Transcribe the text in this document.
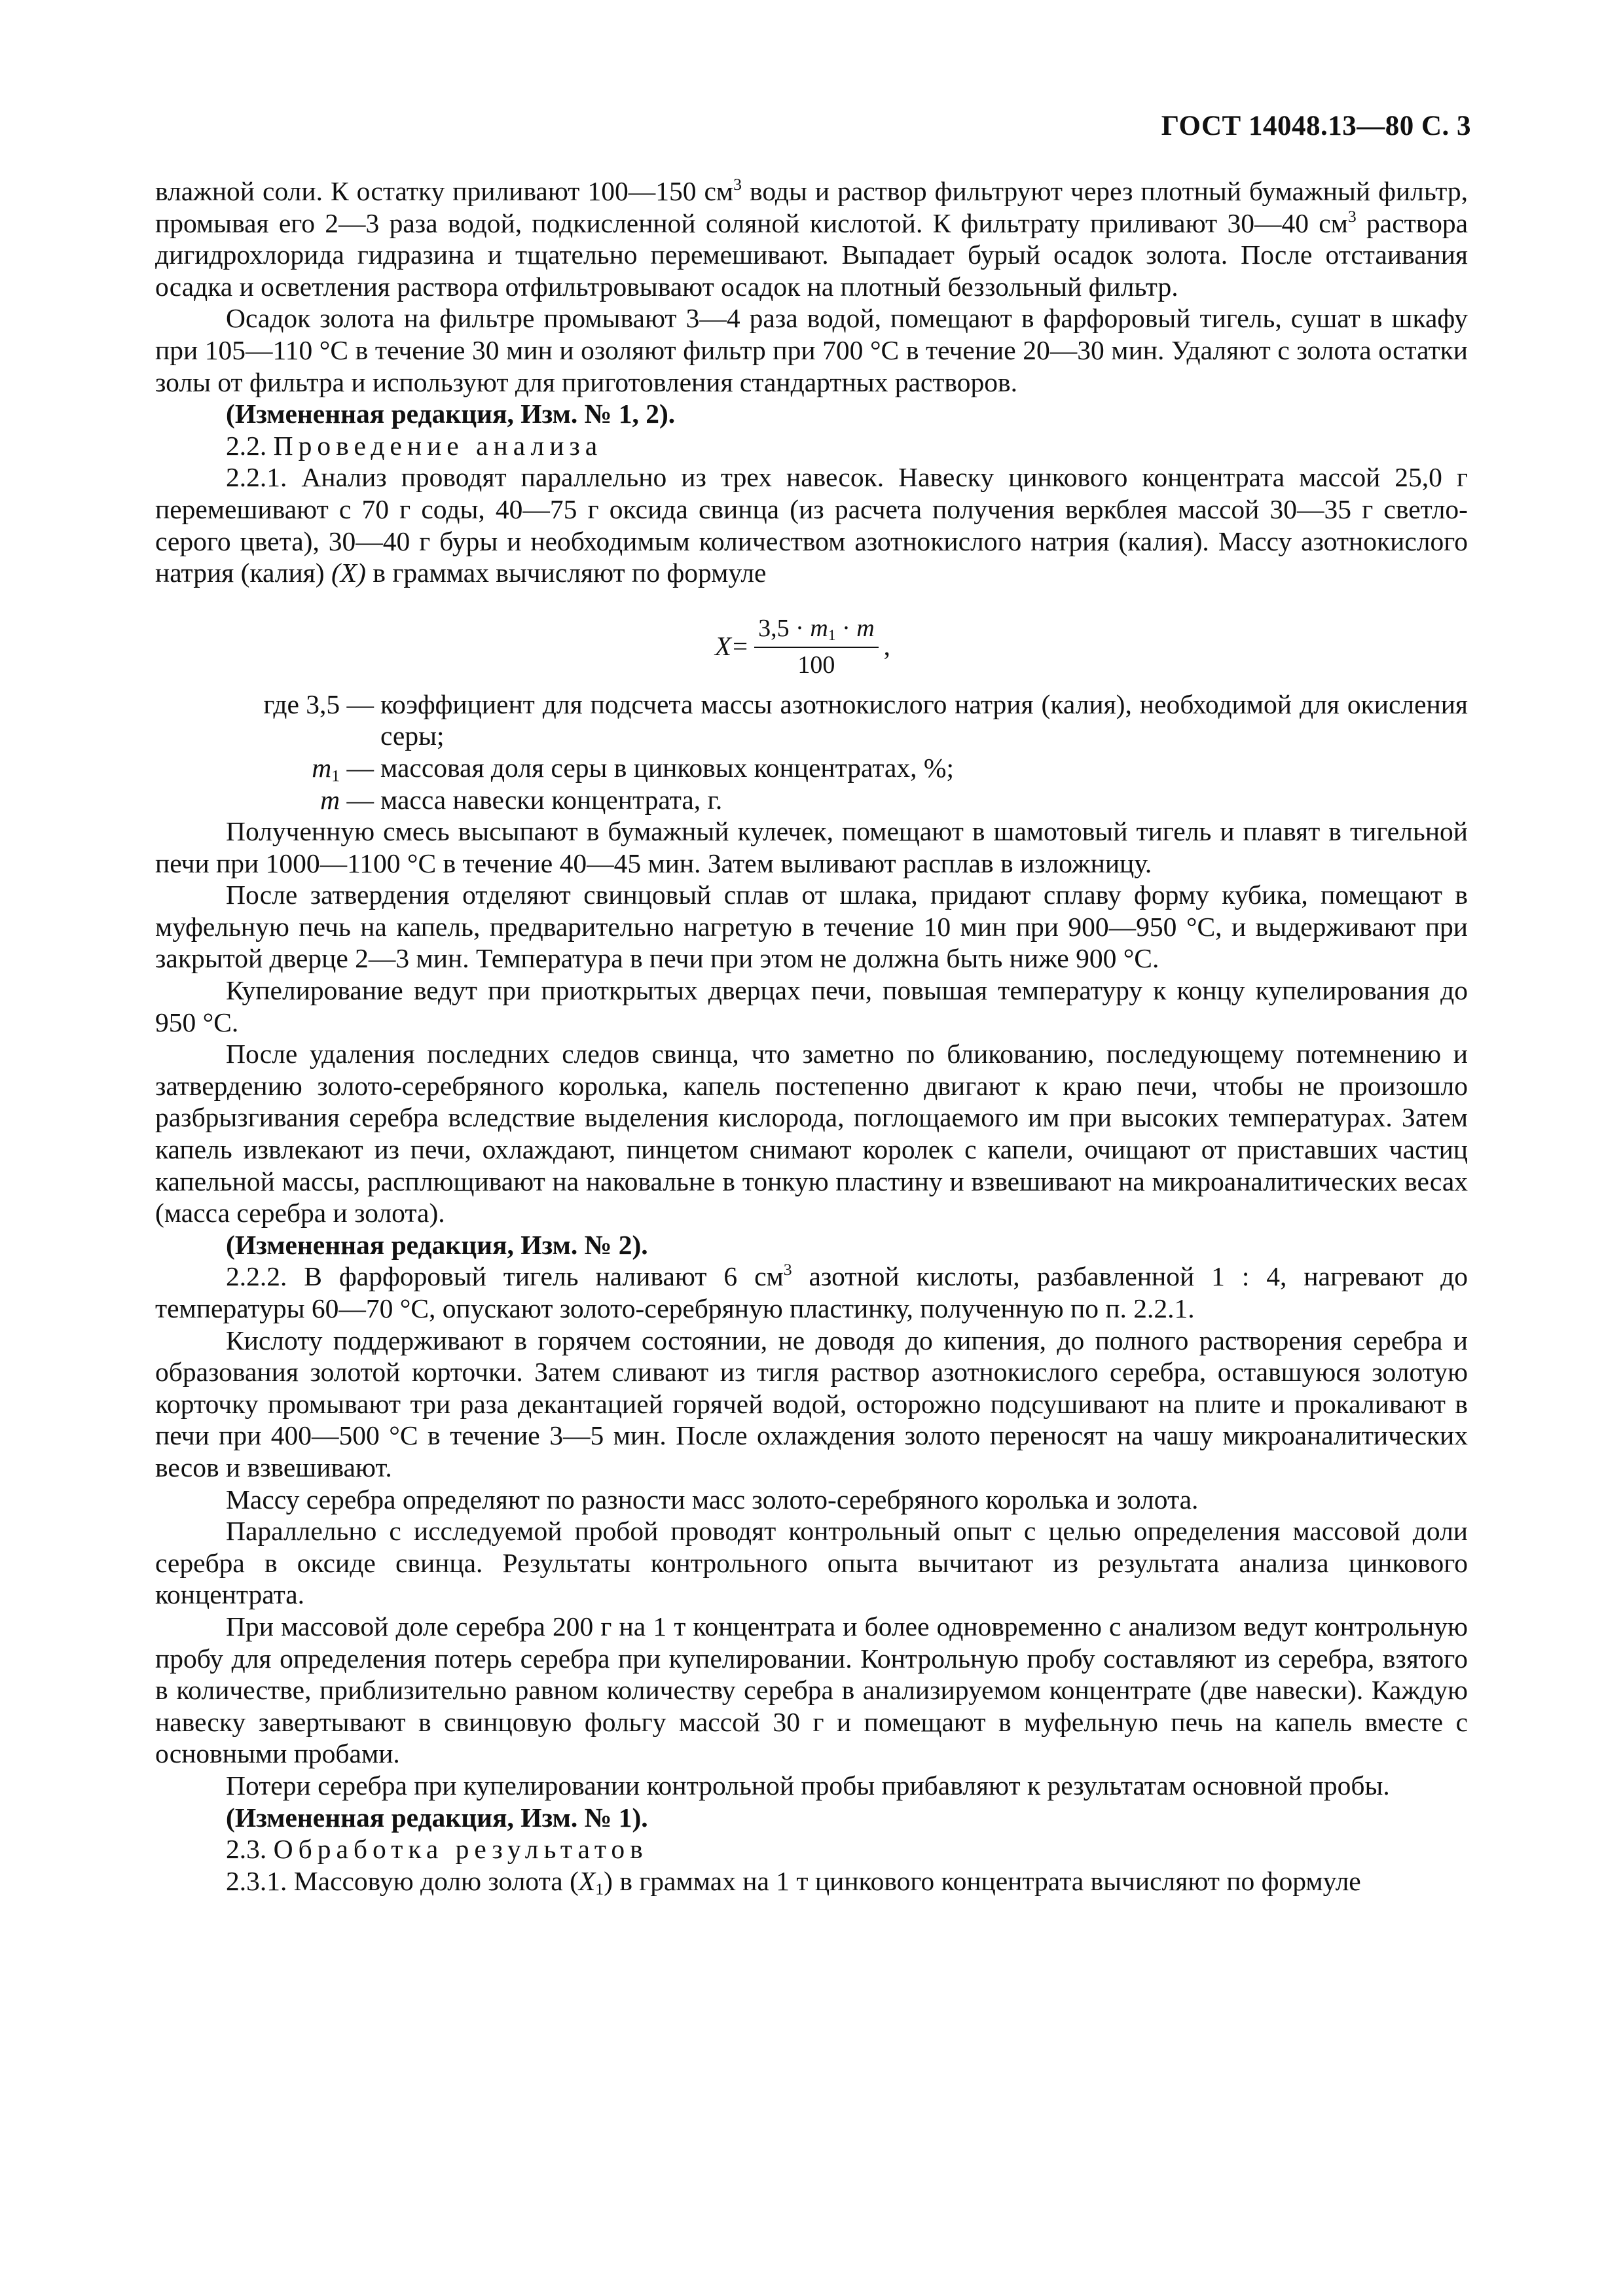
ГОСТ 14048.13—80 С. 3

влажной соли. К остатку приливают 100—150 $см^3$ воды и раствор фильтруют через плотный бумажный фильтр, промывая его 2—3 раза водой, подкисленной соляной кислотой. К фильтрату приливают 30—40 $см^3$ раствора дигидрохлорида гидразина и тщательно перемешивают. Выпадает бурый осадок золота. После отстаивания осадка и осветления раствора отфильтровывают осадок на плотный беззольный фильтр.

Осадок золота на фильтре промывают 3—4 раза водой, помещают в фарфоровый тигель, сушат в шкафу при 105—110 °С в течение 30 мин и озоляют фильтр при 700 °С в течение 20—30 мин. Удаляют с золота остатки золы от фильтра и используют для приготовления стандартных растворов.

(Измененная редакция, Изм. № 1, 2).

2.2. Проведение анализа

2.2.1. Анализ проводят параллельно из трех навесок. Навеску цинкового концентрата массой 25,0 г перемешивают с 70 г соды, 40—75 г оксида свинца (из расчета получения веркблея массой 30—35 г светло-серого цвета), 30—40 г буры и необходимым количеством азотнокислого натрия (калия). Массу азотнокислого натрия (калия) (X) в граммах вычисляют по формуле

$X = \frac{3,5 \cdot m_1 \cdot m}{100}$ ,
где 3,5 — коэффициент для подсчета массы азотнокислого натрия (калия), необходимой для окисления серы;
$m_1$ — массовая доля серы в цинковых концентратах, %;
m — масса навески концентрата, г.

Полученную смесь высыпают в бумажный кулечек, помещают в шамотовый тигель и плавят в тигельной печи при 1000—1100 °С в течение 40—45 мин. Затем выливают расплав в изложницу.

После затвердения отделяют свинцовый сплав от шлака, придают сплаву форму кубика, помещают в муфельную печь на капель, предварительно нагретую в течение 10 мин при 900—950 °С, и выдерживают при закрытой дверце 2—3 мин. Температура в печи при этом не должна быть ниже 900 °С.

Купелирование ведут при приоткрытых дверцах печи, повышая температуру к концу купелирования до 950 °С.

После удаления последних следов свинца, что заметно по бликованию, последующему потемнению и затвердению золото-серебряного королька, капель постепенно двигают к краю печи, чтобы не произошло разбрызгивания серебра вследствие выделения кислорода, поглощаемого им при высоких температурах. Затем капель извлекают из печи, охлаждают, пинцетом снимают королек с капели, очищают от приставших частиц капельной массы, расплющивают на наковальне в тонкую пластину и взвешивают на микроаналитических весах (масса серебра и золота).

(Измененная редакция, Изм. № 2).

2.2.2. В фарфоровый тигель наливают 6 $см^3$ азотной кислоты, разбавленной 1 : 4, нагревают до температуры 60—70 °С, опускают золото-серебряную пластинку, полученную по п. 2.2.1.

Кислоту поддерживают в горячем состоянии, не доводя до кипения, до полного растворения серебра и образования золотой корточки. Затем сливают из тигля раствор азотнокислого серебра, оставшуюся золотую корточку промывают три раза декантацией горячей водой, осторожно подсушивают на плите и прокаливают в печи при 400—500 °С в течение 3—5 мин. После охлаждения золото переносят на чашу микроаналитических весов и взвешивают.

Массу серебра определяют по разности масс золото-серебряного королька и золота.

Параллельно с исследуемой пробой проводят контрольный опыт с целью определения массовой доли серебра в оксиде свинца. Результаты контрольного опыта вычитают из результата анализа цинкового концентрата.

При массовой доле серебра 200 г на 1 т концентрата и более одновременно с анализом ведут контрольную пробу для определения потерь серебра при купелировании. Контрольную пробу составляют из серебра, взятого в количестве, приблизительно равном количеству серебра в анализируемом концентрате (две навески). Каждую навеску завертывают в свинцовую фольгу массой 30 г и помещают в муфельную печь на капель вместе с основными пробами.

Потери серебра при купелировании контрольной пробы прибавляют к результатам основной пробы.

(Измененная редакция, Изм. № 1).

2.3. Обработка результатов

2.3.1. Массовую долю золота $(X_1)$ в граммах на 1 т цинкового концентрата вычисляют по формуле
